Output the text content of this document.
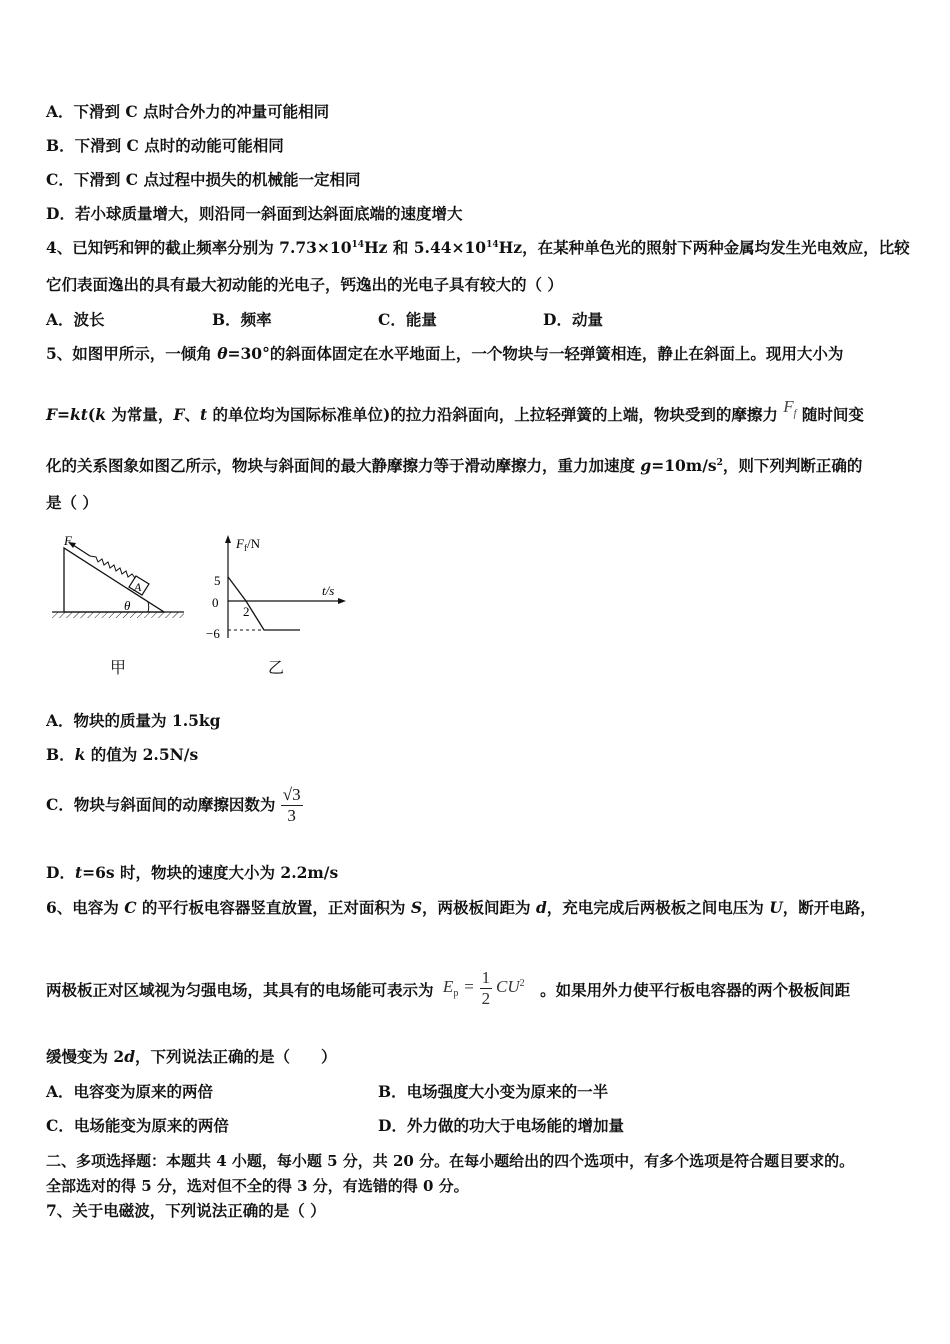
A．下滑到 C 点时合外力的冲量可能相同
B．下滑到 C 点时的动能可能相同
C．下滑到 C 点过程中损失的机械能一定相同
D．若小球质量增大，则沿同一斜面到达斜面底端的速度增大
4、已知钙和钾的截止频率分别为 $7.73\times 10^{14}Hz$ 和 $5.44\times 10^{14}Hz$，在某种单色光的照射下两种金属均发生光电效应，比较
它们表面逸出的具有最大初动能的光电子，钙逸出的光电子具有较大的（ ）
A．波长	B．频率	C．能量	D．动量
5、如图甲所示，一倾角 θ=30°的斜面体固定在水平地面上，一个物块与一轻弹簧相连，静止在斜面上。现用大小为
F=kt(k 为常量，F、t 的单位均为国际标准单位)的拉力沿斜面向，上拉轻弹簧的上端，物块受到的摩擦力 $F_f$ 随时间变
化的关系图象如图乙所示，物块与斜面间的最大静摩擦力等于滑动摩擦力，重力加速度 $g=10m/s^2$，则下列判断正确的
是（ ）
A
F
θ
甲
$F_f/N$
t/s
5
0
2
−6
乙
A．物块的质量为 1.5kg
B．k 的值为 2.5N/s
C．物块与斜面间的动摩擦因数为 $\frac{√3}{3}$
D．t=6s 时，物块的速度大小为 2.2m/s
6、电容为 C 的平行板电容器竖直放置，正对面积为 S，两极板间距为 d，充电完成后两极板之间电压为 U，断开电路，
两极板正对区域视为匀强电场，其具有的电场能可表示为 $E_p = \frac{1}{2} CU^2$ 。如果用外力使平行板电容器的两个极板间距
缓慢变为 2d，下列说法正确的是（　　）
A．电容变为原来的两倍	B．电场强度大小变为原来的一半
C．电场能变为原来的两倍	D．外力做的功大于电场能的增加量
二、多项选择题：本题共 4 小题，每小题 5 分，共 20 分。在每小题给出的四个选项中，有多个选项是符合题目要求的。
全部选对的得 5 分，选对但不全的得 3 分，有选错的得 0 分。
7、关于电磁波，下列说法正确的是（ ）
